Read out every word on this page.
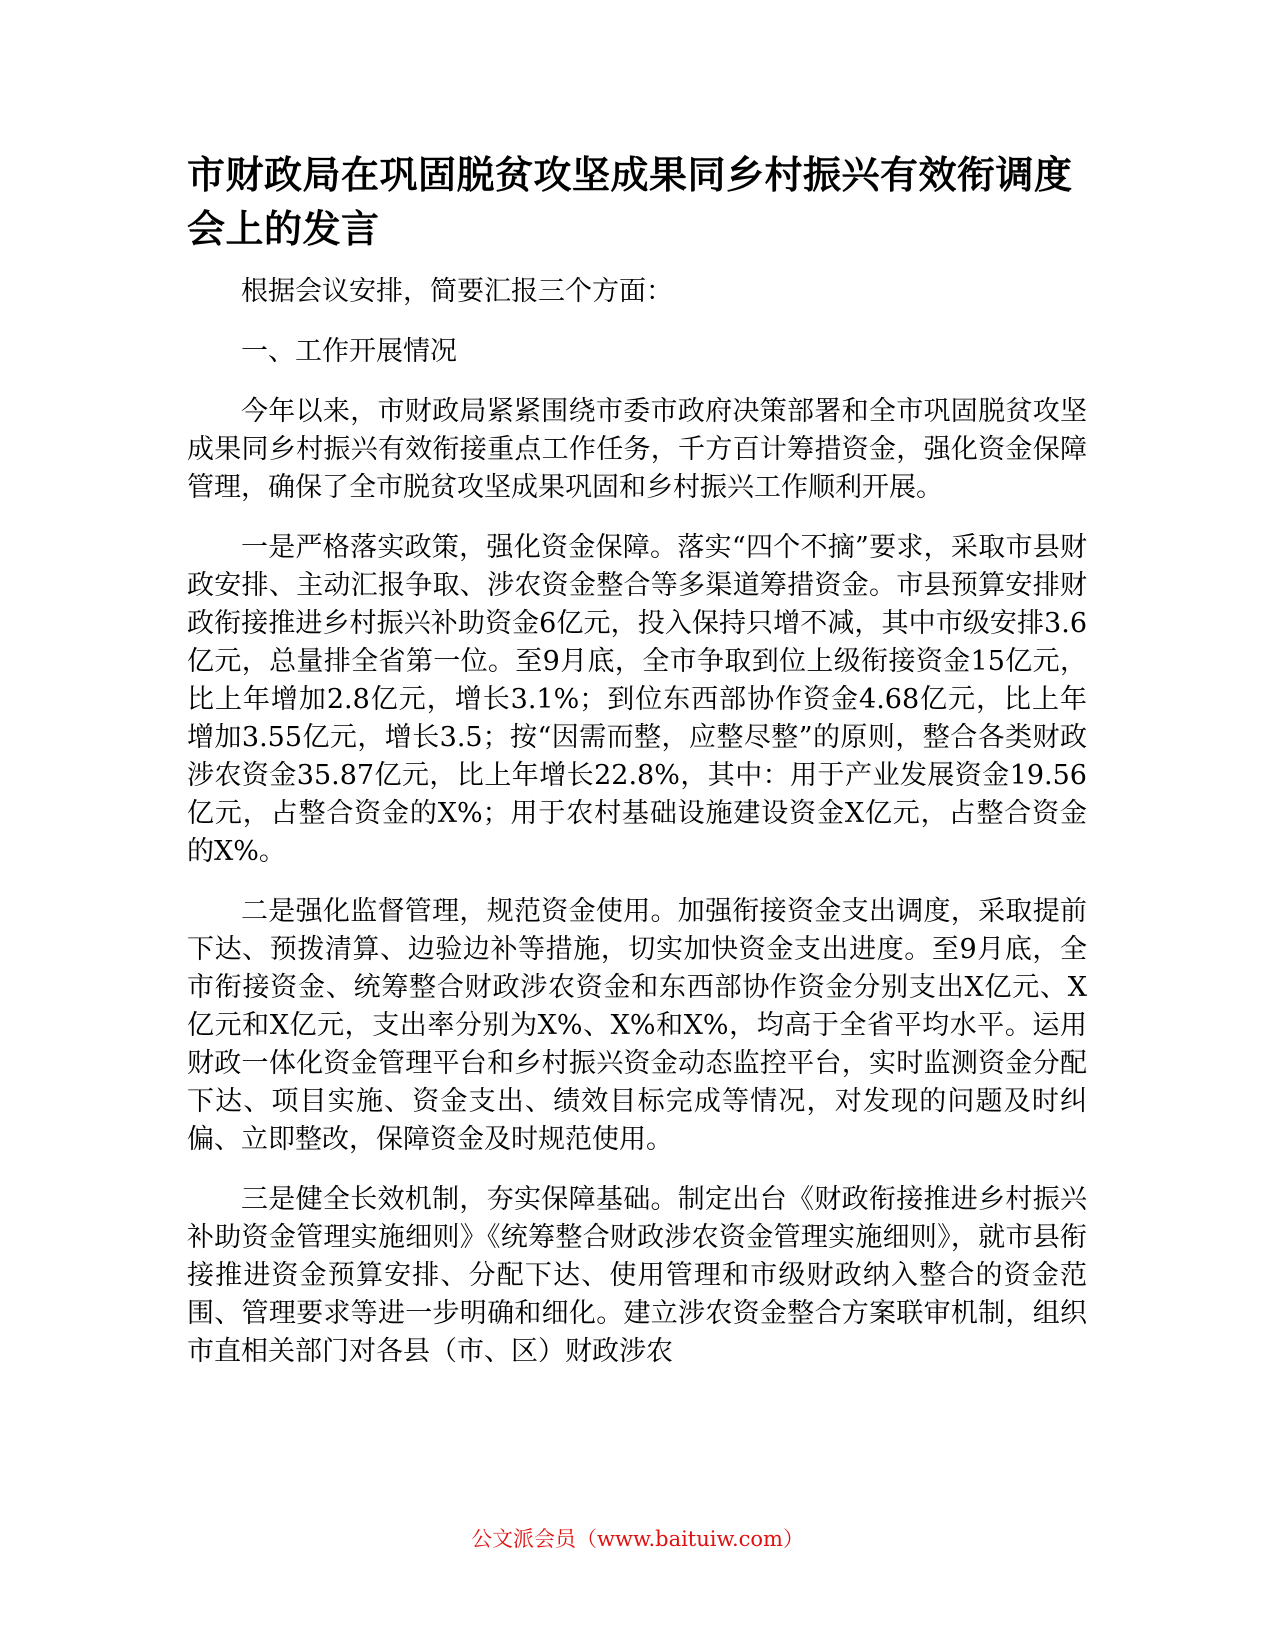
市财政局在巩固脱贫攻坚成果同乡村振兴有效衔调度会上的发言

根据会议安排，简要汇报三个方面：

一、工作开展情况

今年以来，市财政局紧紧围绕市委市政府决策部署和全市巩固脱贫攻坚成果同乡村振兴有效衔接重点工作任务，千方百计筹措资金，强化资金保障管理，确保了全市脱贫攻坚成果巩固和乡村振兴工作顺利开展。

一是严格落实政策，强化资金保障。落实“四个不摘”要求，采取市县财政安排、主动汇报争取、涉农资金整合等多渠道筹措资金。市县预算安排财政衔接推进乡村振兴补助资金6亿元，投入保持只增不减，其中市级安排3.6亿元，总量排全省第一位。至9月底，全市争取到位上级衔接资金15亿元，比上年增加2.8亿元，增长3.1%；到位东西部协作资金4.68亿元，比上年增加3.55亿元，增长3.5；按“因需而整，应整尽整”的原则，整合各类财政涉农资金35.87亿元，比上年增长22.8%，其中：用于产业发展资金19.56亿元，占整合资金的X%；用于农村基础设施建设资金X亿元，占整合资金的X%。

二是强化监督管理，规范资金使用。加强衔接资金支出调度，采取提前下达、预拨清算、边验边补等措施，切实加快资金支出进度。至9月底，全市衔接资金、统筹整合财政涉农资金和东西部协作资金分别支出X亿元、X亿元和X亿元，支出率分别为X%、X%和X%，均高于全省平均水平。运用财政一体化资金管理平台和乡村振兴资金动态监控平台，实时监测资金分配下达、项目实施、资金支出、绩效目标完成等情况，对发现的问题及时纠偏、立即整改，保障资金及时规范使用。

三是健全长效机制，夯实保障基础。制定出台《财政衔接推进乡村振兴补助资金管理实施细则》《统筹整合财政涉农资金管理实施细则》，就市县衔接推进资金预算安排、分配下达、使用管理和市级财政纳入整合的资金范围、管理要求等进一步明确和细化。建立涉农资金整合方案联审机制，组织市直相关部门对各县（市、区）财政涉农

公文派会员（www.baituiw.com）
